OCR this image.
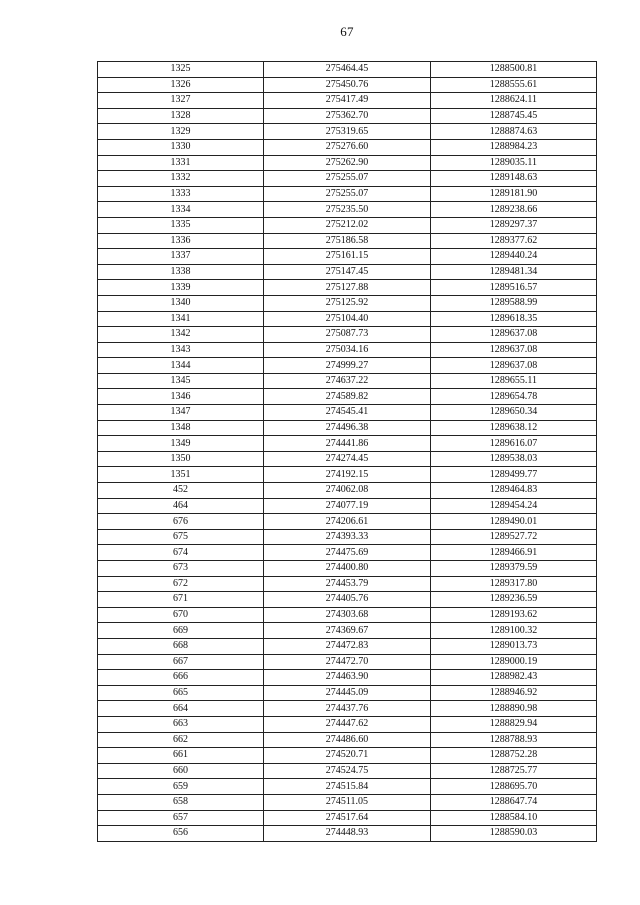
67
1325	275464.45	1288500.81
1326	275450.76	1288555.61
1327	275417.49	1288624.11
1328	275362.70	1288745.45
1329	275319.65	1288874.63
1330	275276.60	1288984.23
1331	275262.90	1289035.11
1332	275255.07	1289148.63
1333	275255.07	1289181.90
1334	275235.50	1289238.66
1335	275212.02	1289297.37
1336	275186.58	1289377.62
1337	275161.15	1289440.24
1338	275147.45	1289481.34
1339	275127.88	1289516.57
1340	275125.92	1289588.99
1341	275104.40	1289618.35
1342	275087.73	1289637.08
1343	275034.16	1289637.08
1344	274999.27	1289637.08
1345	274637.22	1289655.11
1346	274589.82	1289654.78
1347	274545.41	1289650.34
1348	274496.38	1289638.12
1349	274441.86	1289616.07
1350	274274.45	1289538.03
1351	274192.15	1289499.77
452	274062.08	1289464.83
464	274077.19	1289454.24
676	274206.61	1289490.01
675	274393.33	1289527.72
674	274475.69	1289466.91
673	274400.80	1289379.59
672	274453.79	1289317.80
671	274405.76	1289236.59
670	274303.68	1289193.62
669	274369.67	1289100.32
668	274472.83	1289013.73
667	274472.70	1289000.19
666	274463.90	1288982.43
665	274445.09	1288946.92
664	274437.76	1288890.98
663	274447.62	1288829.94
662	274486.60	1288788.93
661	274520.71	1288752.28
660	274524.75	1288725.77
659	274515.84	1288695.70
658	274511.05	1288647.74
657	274517.64	1288584.10
656	274448.93	1288590.03
